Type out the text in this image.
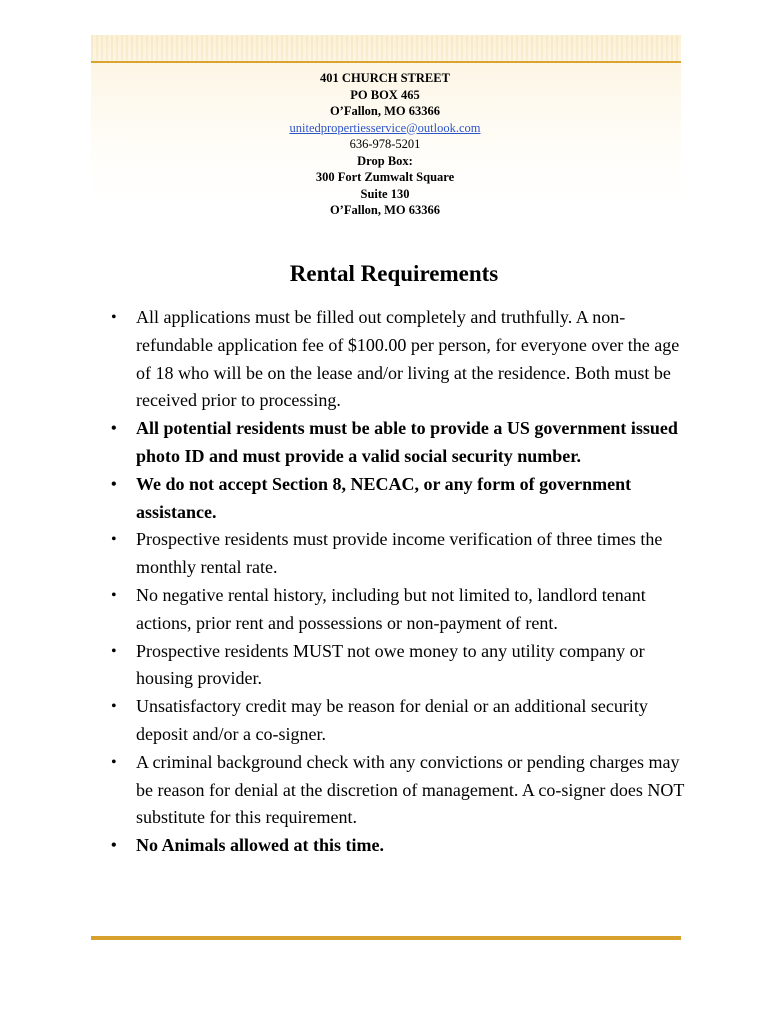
401 CHURCH STREET
PO BOX 465
O’Fallon, MO 63366
unitedpropertiesservice@outlook.com
636-978-5201
Drop Box:
300 Fort Zumwalt Square
Suite 130
O’Fallon, MO 63366
Rental Requirements
• All applications must be filled out completely and truthfully. A non-refundable application fee of $100.00 per person, for everyone over the age of 18 who will be on the lease and/or living at the residence. Both must be received prior to processing.
• All potential residents must be able to provide a US government issued photo ID and must provide a valid social security number.
• We do not accept Section 8, NECAC, or any form of government assistance.
• Prospective residents must provide income verification of three times the monthly rental rate.
• No negative rental history, including but not limited to, landlord tenant actions, prior rent and possessions or non-payment of rent.
• Prospective residents MUST not owe money to any utility company or housing provider.
• Unsatisfactory credit may be reason for denial or an additional security deposit and/or a co-signer.
• A criminal background check with any convictions or pending charges may be reason for denial at the discretion of management. A co-signer does NOT substitute for this requirement.
• No Animals allowed at this time.
